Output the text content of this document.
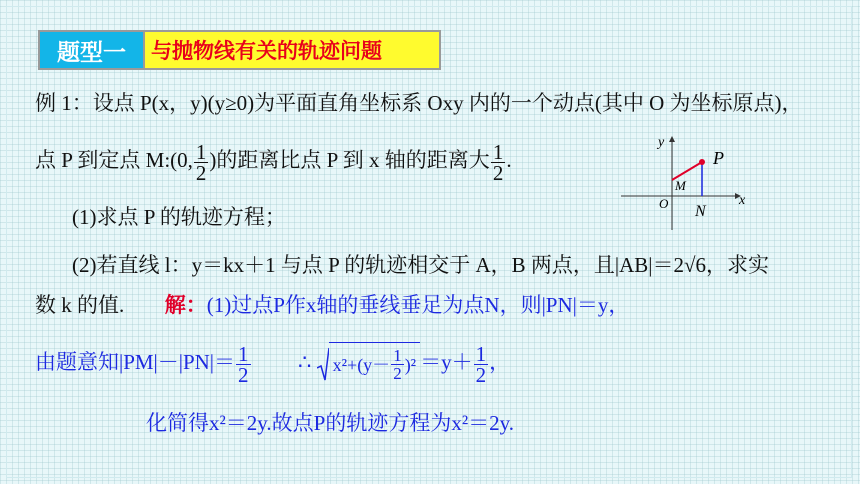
题型一	与抛物线有关的轨迹问题
例 1：设点 P(x，y)(y≥0)为平面直角坐标系 Oxy 内的一个动点(其中 O 为坐标原点)，
点 P 到定点 M:(0, $\frac{1}{2}$ )的距离比点 P 到 x 轴的距离大 $\frac{1}{2}$ .
(1)求点 P 的轨迹方程；
(2)若直线 l：y＝kx＋1 与点 P 的轨迹相交于 A，B 两点，且|AB|＝2√6，求实
数 k 的值. 解：(1)过点P作x轴的垂线垂足为点N，则|PN|＝y，
由题意知$|PM|-|PN|= \frac{1}{2}$ ∴ $x^2+(y- \frac{1}{2} )^2 =y+ \frac{1}{2}$ ，
化简得x²＝2y.故点P的轨迹方程为x²＝2y.
y
x
O
M
N
P
